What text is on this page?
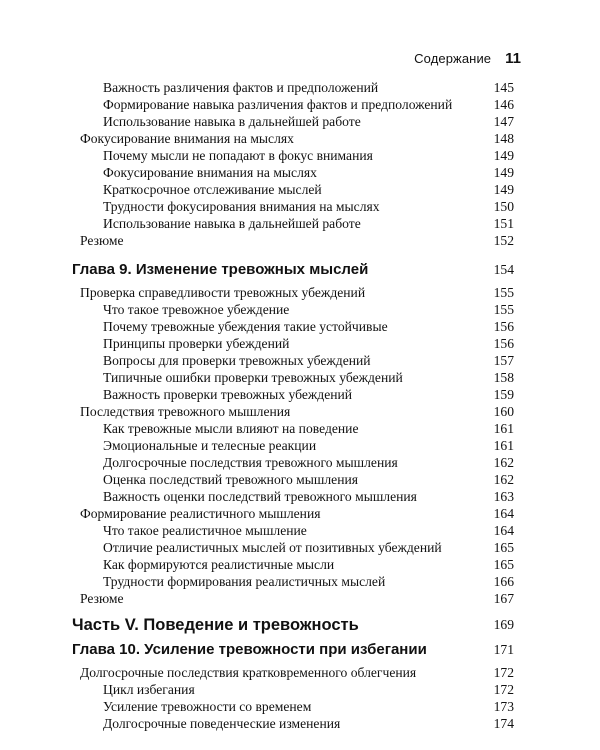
Содержание 11
Важность различения фактов и предположений	145
Формирование навыка различения фактов и предположений	146
Использование навыка в дальнейшей работе	147
Фокусирование внимания на мыслях	148
Почему мысли не попадают в фокус внимания	149
Фокусирование внимания на мыслях	149
Краткосрочное отслеживание мыслей	149
Трудности фокусирования внимания на мыслях	150
Использование навыка в дальнейшей работе	151
Резюме	152
Глава 9. Изменение тревожных мыслей	154
Проверка справедливости тревожных убеждений	155
Что такое тревожное убеждение	155
Почему тревожные убеждения такие устойчивые	156
Принципы проверки убеждений	156
Вопросы для проверки тревожных убеждений	157
Типичные ошибки проверки тревожных убеждений	158
Важность проверки тревожных убеждений	159
Последствия тревожного мышления	160
Как тревожные мысли влияют на поведение	161
Эмоциональные и телесные реакции	161
Долгосрочные последствия тревожного мышления	162
Оценка последствий тревожного мышления	162
Важность оценки последствий тревожного мышления	163
Формирование реалистичного мышления	164
Что такое реалистичное мышление	164
Отличие реалистичных мыслей от позитивных убеждений	165
Как формируются реалистичные мысли	165
Трудности формирования реалистичных мыслей	166
Резюме	167
Часть V. Поведение и тревожность	169
Глава 10. Усиление тревожности при избегании	171
Долгосрочные последствия кратковременного облегчения	172
Цикл избегания	172
Усиление тревожности со временем	173
Долгосрочные поведенческие изменения	174
